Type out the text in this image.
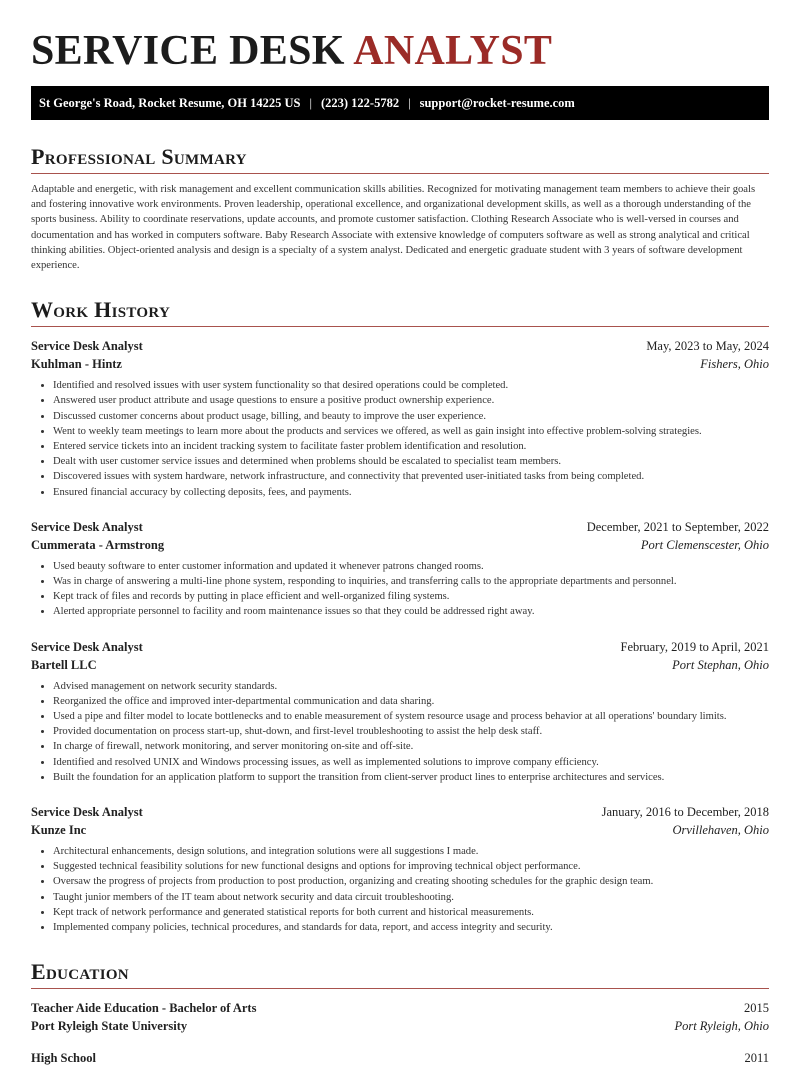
SERVICE DESK ANALYST
St George's Road, Rocket Resume, OH 14225 US | (223) 122-5782 | support@rocket-resume.com
Professional Summary

Adaptable and energetic, with risk management and excellent communication skills abilities. Recognized for motivating management team members to achieve their goals and fostering innovative work environments. Proven leadership, operational excellence, and organizational development skills, as well as a thorough understanding of the sports business. Ability to coordinate reservations, update accounts, and promote customer satisfaction. Clothing Research Associate who is well-versed in courses and documentation and has worked in computers software. Baby Research Associate with extensive knowledge of computers software as well as strong analytical and critical thinking abilities. Object-oriented analysis and design is a specialty of a system analyst. Dedicated and energetic graduate student with 3 years of software development experience.

Work History
Service Desk Analyst	May, 2023 to May, 2024
Kuhlman - Hintz	Fishers, Ohio
• Identified and resolved issues with user system functionality so that desired operations could be completed.
• Answered user product attribute and usage questions to ensure a positive product ownership experience.
• Discussed customer concerns about product usage, billing, and beauty to improve the user experience.
• Went to weekly team meetings to learn more about the products and services we offered, as well as gain insight into effective problem-solving strategies.
• Entered service tickets into an incident tracking system to facilitate faster problem identification and resolution.
• Dealt with user customer service issues and determined when problems should be escalated to specialist team members.
• Discovered issues with system hardware, network infrastructure, and connectivity that prevented user-initiated tasks from being completed.
• Ensured financial accuracy by collecting deposits, fees, and payments.
Service Desk Analyst	December, 2021 to September, 2022
Cummerata - Armstrong	Port Clemenscester, Ohio
• Used beauty software to enter customer information and updated it whenever patrons changed rooms.
• Was in charge of answering a multi-line phone system, responding to inquiries, and transferring calls to the appropriate departments and personnel.
• Kept track of files and records by putting in place efficient and well-organized filing systems.
• Alerted appropriate personnel to facility and room maintenance issues so that they could be addressed right away.
Service Desk Analyst	February, 2019 to April, 2021
Bartell LLC	Port Stephan, Ohio
• Advised management on network security standards.
• Reorganized the office and improved inter-departmental communication and data sharing.
• Used a pipe and filter model to locate bottlenecks and to enable measurement of system resource usage and process behavior at all operations' boundary limits.
• Provided documentation on process start-up, shut-down, and first-level troubleshooting to assist the help desk staff.
• In charge of firewall, network monitoring, and server monitoring on-site and off-site.
• Identified and resolved UNIX and Windows processing issues, as well as implemented solutions to improve company efficiency.
• Built the foundation for an application platform to support the transition from client-server product lines to enterprise architectures and services.
Service Desk Analyst	January, 2016 to December, 2018
Kunze Inc	Orvillehaven, Ohio
• Architectural enhancements, design solutions, and integration solutions were all suggestions I made.
• Suggested technical feasibility solutions for new functional designs and options for improving technical object performance.
• Oversaw the progress of projects from production to post production, organizing and creating shooting schedules for the graphic design team.
• Taught junior members of the IT team about network security and data circuit troubleshooting.
• Kept track of network performance and generated statistical reports for both current and historical measurements.
• Implemented company policies, technical procedures, and standards for data, report, and access integrity and security.
Education
Teacher Aide Education - Bachelor of Arts	2015
Port Ryleigh State University	Port Ryleigh, Ohio
High School	2011
